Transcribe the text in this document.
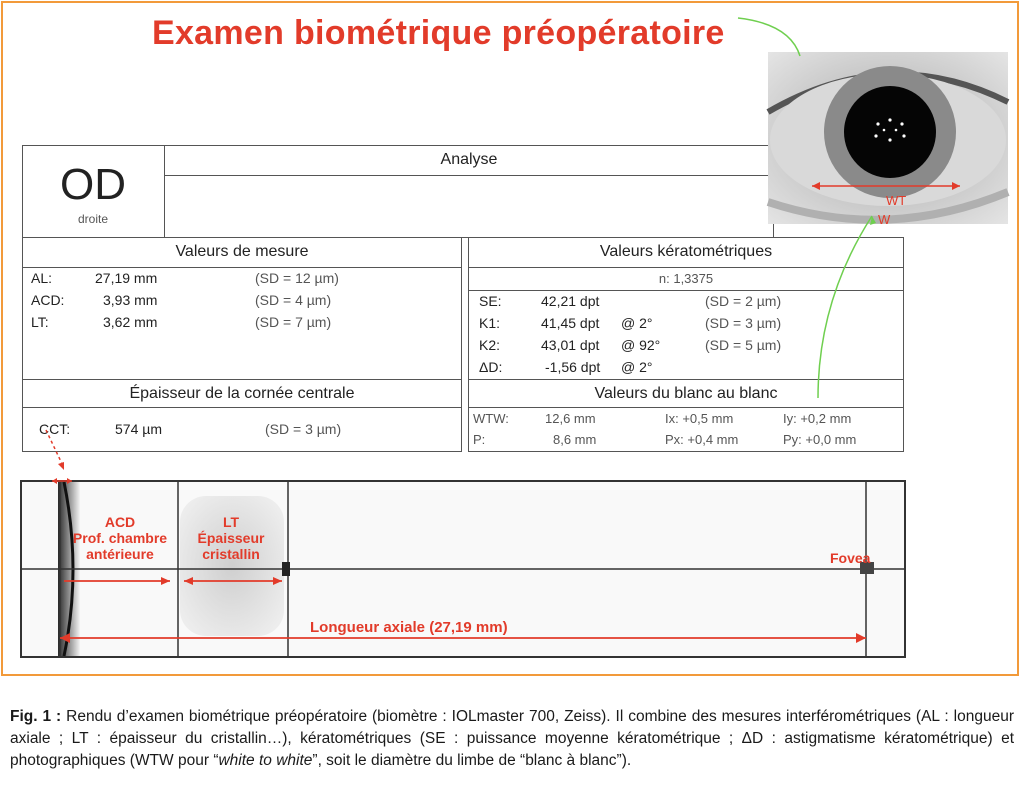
Examen biométrique préopératoire
OD
droite
Analyse
Valeurs de mesure
AL:	27,19 mm	(SD = 12 µm)
ACD:	3,93 mm	(SD = 4 µm)
LT:	3,62 mm	(SD = 7 µm)
Valeurs kératométriques
n: 1,3375
SE:	42,21 dpt	(SD = 2 µm)
K1:	41,45 dpt @ 2°	(SD = 3 µm)
K2:	43,01 dpt @ 92°	(SD = 5 µm)
ΔD:	-1,56 dpt @ 2°
Épaisseur de la cornée centrale
CCT:	574 µm	(SD = 3 µm)
Valeurs du blanc au blanc
WTW:	12,6 mm	Ix: +0,5 mm	Iy: +0,2 mm
P:	8,6 mm	Px: +0,4 mm	Py: +0,0 mm
WT
W
ACD
Prof. chambre
antérieure
LT
Épaisseur
cristallin	Fovea
Longueur axiale (27,19 mm)
Fig. 1 : Rendu d’examen biométrique préopératoire (biomètre : IOLmaster 700, Zeiss). Il combine des mesures interférométriques (AL : longueur axiale ; LT : épaisseur du cristallin…), kératométriques (SE : puissance moyenne kératométrique ; ΔD : astigmatisme kératométrique) et photographiques (WTW pour “white to white”, soit le diamètre du limbe de “blanc à blanc”).
